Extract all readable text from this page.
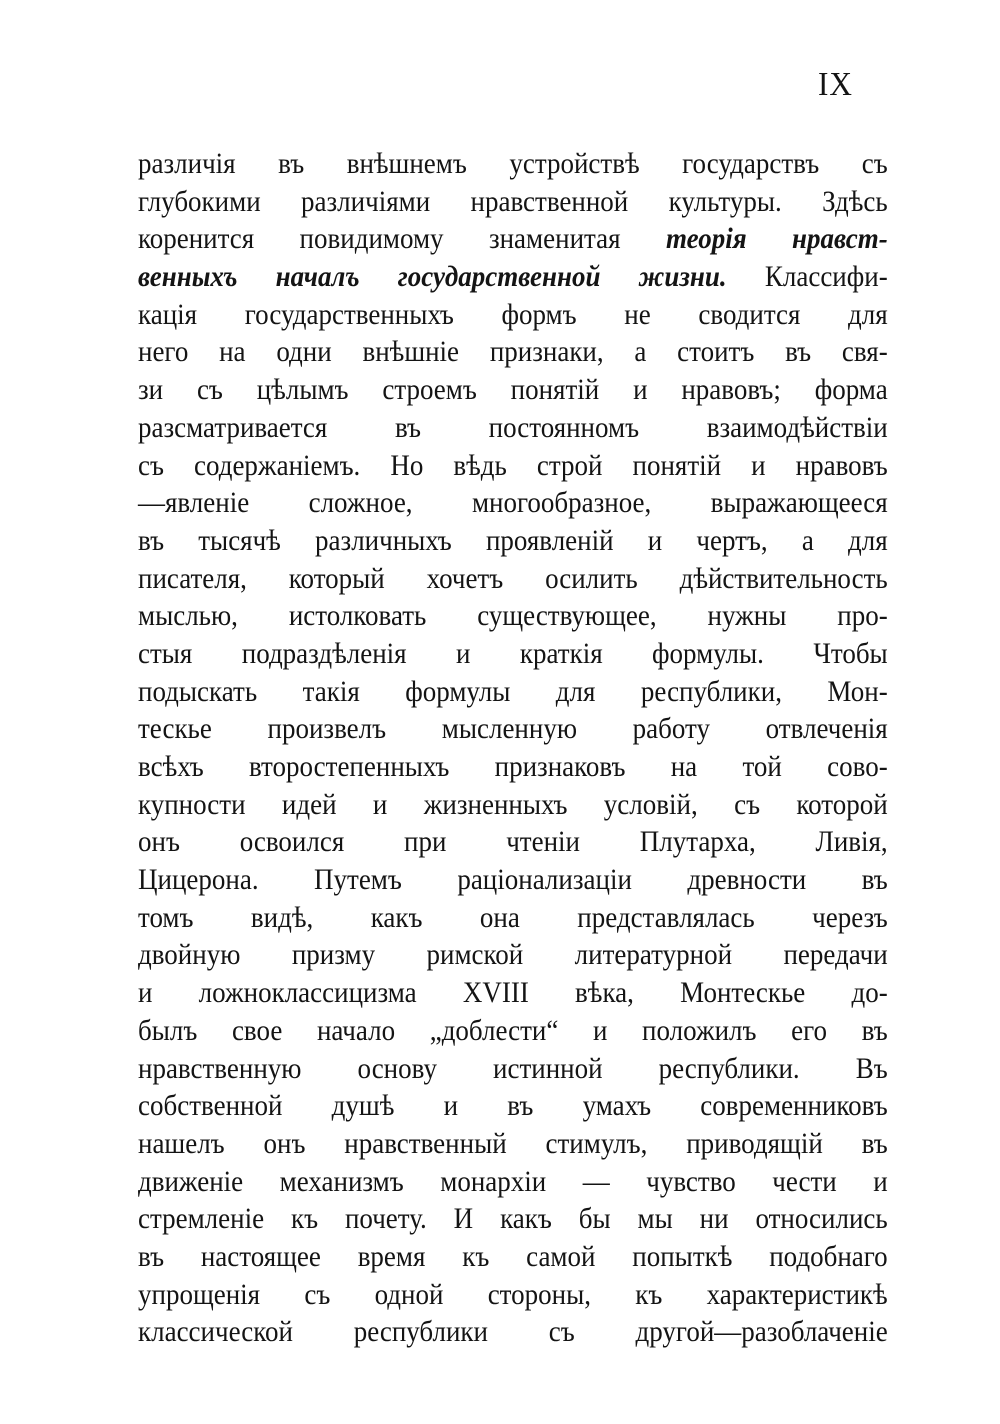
IX
различія въ внѣшнемъ устройствѣ государствъ съ
глубокими различіями нравственной культуры. Здѣсь
коренится повидимому знаменитая теорія нравст-
венныхъ началъ государственной жизни. Классифи-
кація государственныхъ формъ не сводится для
него на одни внѣшніе признаки, а стоитъ въ свя-
зи съ цѣлымъ строемъ понятій и нравовъ; форма
разсматривается въ постоянномъ взаимодѣйствіи
съ содержаніемъ. Но вѣдь строй понятій и нравовъ
—явленіе сложное, многообразное, выражающееся
въ тысячѣ различныхъ проявленій и чертъ, а для
писателя, который хочетъ осилить дѣйствительность
мыслью, истолковать существующее, нужны про-
стыя подраздѣленія и краткія формулы. Чтобы
подыскать такія формулы для республики, Мон-
тескье произвелъ мысленную работу отвлеченія
всѣхъ второстепенныхъ признаковъ на той сово-
купности идей и жизненныхъ условій, съ которой
онъ освоился при чтеніи Плутарха, Ливія,
Цицерона. Путемъ раціонализаціи древности въ
томъ видѣ, какъ она представлялась черезъ
двойную призму римской литературной передачи
и ложноклассицизма XVIII вѣка, Монтескье до-
былъ свое начало „доблести“ и положилъ его въ
нравственную основу истинной республики. Въ
собственной душѣ и въ умахъ современниковъ
нашелъ онъ нравственный стимулъ, приводящій въ
движеніе механизмъ монархіи — чувство чести и
стремленіе къ почету. И какъ бы мы ни относились
въ настоящее время къ самой попыткѣ подобнаго
упрощенія съ одной стороны, къ характеристикѣ
классической республики съ другой—разоблаченіе
